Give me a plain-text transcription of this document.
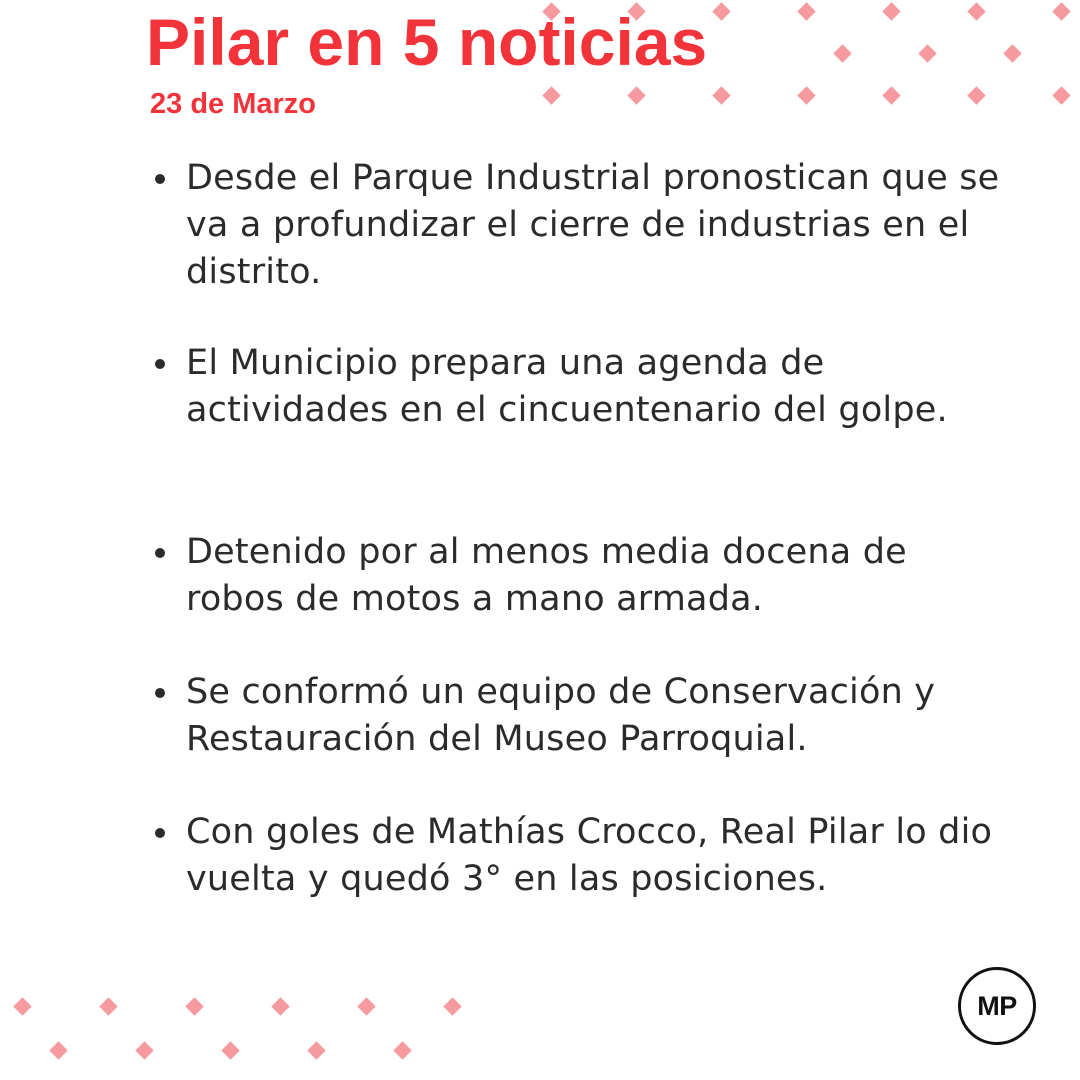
Pilar en 5 noticias
23 de Marzo
Desde el Parque Industrial pronostican que se va a profundizar el cierre de industrias en el distrito.
El Municipio prepara una agenda de actividades en el cincuentenario del golpe.
Detenido por al menos media docena de robos de motos a mano armada.
Se conformó un equipo de Conservación y Restauración del Museo Parroquial.
Con goles de Mathías Crocco, Real Pilar lo dio vuelta y quedó 3° en las posiciones.
MP
